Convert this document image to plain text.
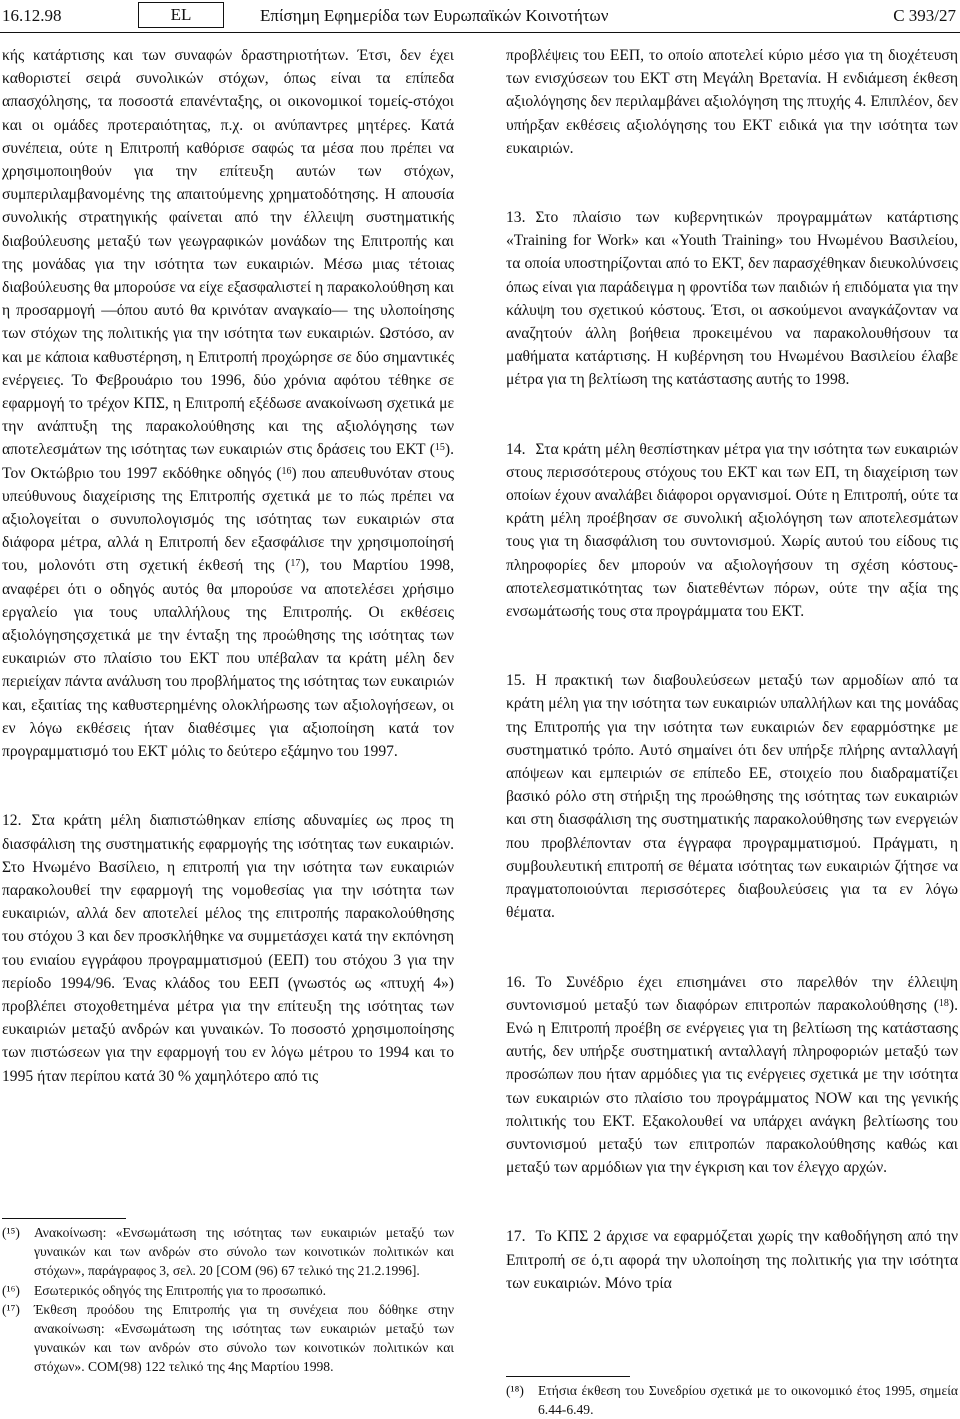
16.12.98	EL	Επίσημη Εφημερίδα των Ευρωπαϊκών Κοινοτήτων	C 393/27

κής κατάρτισης και των συναφών δραστηριοτήτων. Έτσι, δεν έχει καθοριστεί σειρά συνολικών στόχων, όπως είναι τα επίπεδα απασχόλησης, τα ποσοστά επανένταξης, οι οικονομικοί τομείς-στόχοι και οι ομάδες προτεραιότητας, π.χ. οι ανύπαντρες μητέρες. Κατά συνέπεια, ούτε η Επιτροπή καθόρισε σαφώς τα μέσα που πρέπει να χρησιμοποιηθούν για την επίτευξη αυτών των στόχων, συμπεριλαμβανομένης της απαιτούμενης χρηματοδότησης. Η απουσία συνολικής στρατηγικής φαίνεται από την έλλειψη συστηματικής διαβούλευσης μεταξύ των γεωγραφικών μονάδων της Επιτροπής και της μονάδας για την ισότητα των ευκαιριών. Μέσω μιας τέτοιας διαβούλευσης θα μπορούσε να είχε εξασφαλιστεί η παρακολούθηση και η προσαρμογή —όπου αυτό θα κρινόταν αναγκαίο— της υλοποίησης των στόχων της πολιτικής για την ισότητα των ευκαιριών. Ωστόσο, αν και με κάποια καθυστέρηση, η Επιτροπή προχώρησε σε δύο σημαντικές ενέργειες. Το Φεβρουάριο του 1996, δύο χρόνια αφότου τέθηκε σε εφαρμογή το τρέχον ΚΠΣ, η Επιτροπή εξέδωσε ανακοίνωση σχετικά με την ανάπτυξη της παρακολούθησης και της αξιολόγησης των αποτελεσμάτων της ισότητας των ευκαιριών στις δράσεις του ΕΚΤ ($^{15}$). Τον Οκτώβριο του 1997 εκδόθηκε οδηγός ($^{16}$) που απευθυνόταν στους υπεύθυνους διαχείρισης της Επιτροπής σχετικά με το πώς πρέπει να αξιολογείται ο συνυπολογισμός της ισότητας των ευκαιριών στα διάφορα μέτρα, αλλά η Επιτροπή δεν εξασφάλισε την χρησιμοποίησή του, μολονότι στη σχετική έκθεσή της ($^{17}$), του Μαρτίου 1998, αναφέρει ότι ο οδηγός αυτός θα μπορούσε να αποτελέσει χρήσιμο εργαλείο για τους υπαλλήλους της Επιτροπής. Οι εκθέσεις αξιολόγησηςσχετικά με την ένταξη της προώθησης της ισότητας των ευκαιριών στο πλαίσιο του ΕΚΤ που υπέβαλαν τα κράτη μέλη δεν περιείχαν πάντα ανάλυση του προβλήματος της ισότητας των ευκαιριών και, εξαιτίας της καθυστερημένης ολοκλήρωσης των αξιολογήσεων, οι εν λόγω εκθέσεις ήταν διαθέσιμες για αξιοποίηση κατά τον προγραμματισμό του ΕΚΤ μόλις το δεύτερο εξάμηνο του 1997.

12. Στα κράτη μέλη διαπιστώθηκαν επίσης αδυναμίες ως προς τη διασφάλιση της συστηματικής εφαρμογής της ισότητας των ευκαιριών. Στο Ηνωμένο Βασίλειο, η επιτροπή για την ισότητα των ευκαιριών παρακολουθεί την εφαρμογή της νομοθεσίας για την ισότητα των ευκαιριών, αλλά δεν αποτελεί μέλος της επιτροπής παρακολούθησης του στόχου 3 και δεν προσκλήθηκε να συμμετάσχει κατά την εκπόνηση του ενιαίου εγγράφου προγραμματισμού (ΕΕΠ) του στόχου 3 για την περίοδο 1994/96. Ένας κλάδος του ΕΕΠ (γνωστός ως «πτυχή 4») προβλέπει στοχοθετημένα μέτρα για την επίτευξη της ισότητας των ευκαιριών μεταξύ ανδρών και γυναικών. Το ποσοστό χρησιμοποίησης των πιστώσεων για την εφαρμογή του εν λόγω μέτρου το 1994 και το 1995 ήταν περίπου κατά 30 % χαμηλότερο από τις

(¹⁵)	Ανακοίνωση: «Ενσωμάτωση της ισότητας των ευκαιριών μεταξύ των γυναικών και των ανδρών στο σύνολο των κοινοτικών πολιτικών και στόχων», παράγραφος 3, σελ. 20 [COM (96) 67 τελικό της 21.2.1996].
(¹⁶)	Εσωτερικός οδηγός της Επιτροπής για το προσωπικό.
(¹⁷)	Έκθεση προόδου της Επιτροπής για τη συνέχεια που δόθηκε στην ανακοίνωση: «Ενσωμάτωση της ισότητας των ευκαιριών μεταξύ των γυναικών και των ανδρών στο σύνολο των κοινοτικών πολιτικών και στόχων». COM(98) 122 τελικό της 4ης Μαρτίου 1998.

προβλέψεις του ΕΕΠ, το οποίο αποτελεί κύριο μέσο για τη διοχέτευση των ενισχύσεων του ΕΚΤ στη Μεγάλη Βρετανία. Η ενδιάμεση έκθεση αξιολόγησης δεν περιλαμβάνει αξιολόγηση της πτυχής 4. Επιπλέον, δεν υπήρξαν εκθέσεις αξιολόγησης του ΕΚΤ ειδικά για την ισότητα των ευκαιριών.

13. Στο πλαίσιο των κυβερνητικών προγραμμάτων κατάρτισης «Training for Work» και «Youth Training» του Ηνωμένου Βασιλείου, τα οποία υποστηρίζονται από το ΕΚΤ, δεν παρασχέθηκαν διευκολύνσεις όπως είναι για παράδειγμα η φροντίδα των παιδιών ή επιδόματα για την κάλυψη του σχετικού κόστους. Έτσι, οι ασκούμενοι αναγκάζονταν να αναζητούν άλλη βοήθεια προκειμένου να παρακολουθήσουν τα μαθήματα κατάρτισης. Η κυβέρνηση του Ηνωμένου Βασιλείου έλαβε μέτρα για τη βελτίωση της κατάστασης αυτής το 1998.

14. Στα κράτη μέλη θεσπίστηκαν μέτρα για την ισότητα των ευκαιριών στους περισσότερους στόχους του ΕΚΤ και των ΕΠ, τη διαχείριση των οποίων έχουν αναλάβει διάφοροι οργανισμοί. Ούτε η Επιτροπή, ούτε τα κράτη μέλη προέβησαν σε συνολική αξιολόγηση των αποτελεσμάτων τους για τη διασφάλιση του συντονισμού. Χωρίς αυτού του είδους τις πληροφορίες δεν μπορούν να αξιολογήσουν τη σχέση κόστους-αποτελεσματικότητας των διατεθέντων πόρων, ούτε την αξία της ενσωμάτωσής τους στα προγράμματα του ΕΚΤ.

15. Η πρακτική των διαβουλεύσεων μεταξύ των αρμοδίων από τα κράτη μέλη για την ισότητα των ευκαιριών υπαλλήλων και της μονάδας της Επιτροπής για την ισότητα των ευκαιριών δεν εφαρμόστηκε με συστηματικό τρόπο. Αυτό σημαίνει ότι δεν υπήρξε πλήρης ανταλλαγή απόψεων και εμπειριών σε επίπεδο ΕΕ, στοιχείο που διαδραματίζει βασικό ρόλο στη στήριξη της προώθησης της ισότητας των ευκαιριών και στη διασφάλιση της συστηματικής παρακολούθησης των ενεργειών που προβλέπονταν στα έγγραφα προγραμματισμού. Πράγματι, η συμβουλευτική επιτροπή σε θέματα ισότητας των ευκαιριών ζήτησε να πραγματοποιούνται περισσότερες διαβουλεύσεις για τα εν λόγω θέματα.

16. Το Συνέδριο έχει επισημάνει στο παρελθόν την έλλειψη συντονισμού μεταξύ των διαφόρων επιτροπών παρακολούθησης ($^{18}$). Ενώ η Επιτροπή προέβη σε ενέργειες για τη βελτίωση της κατάστασης αυτής, δεν υπήρξε συστηματική ανταλλαγή πληροφοριών μεταξύ των προσώπων που ήταν αρμόδιες για τις ενέργειες σχετικά με την ισότητα των ευκαιριών στο πλαίσιο του προγράμματος NOW και της γενικής πολιτικής του ΕΚΤ. Εξακολουθεί να υπάρχει ανάγκη βελτίωσης του συντονισμού μεταξύ των επιτροπών παρακολούθησης καθώς και μεταξύ των αρμόδιων για την έγκριση και τον έλεγχο αρχών.

17. Το ΚΠΣ 2 άρχισε να εφαρμόζεται χωρίς την καθοδήγηση από την Επιτροπή σε ό,τι αφορά την υλοποίηση της πολιτικής για την ισότητα των ευκαιριών. Μόνο τρία

(¹⁸)	Ετήσια έκθεση του Συνεδρίου σχετικά με το οικονομικό έτος 1995, σημεία 6.44-6.49.
